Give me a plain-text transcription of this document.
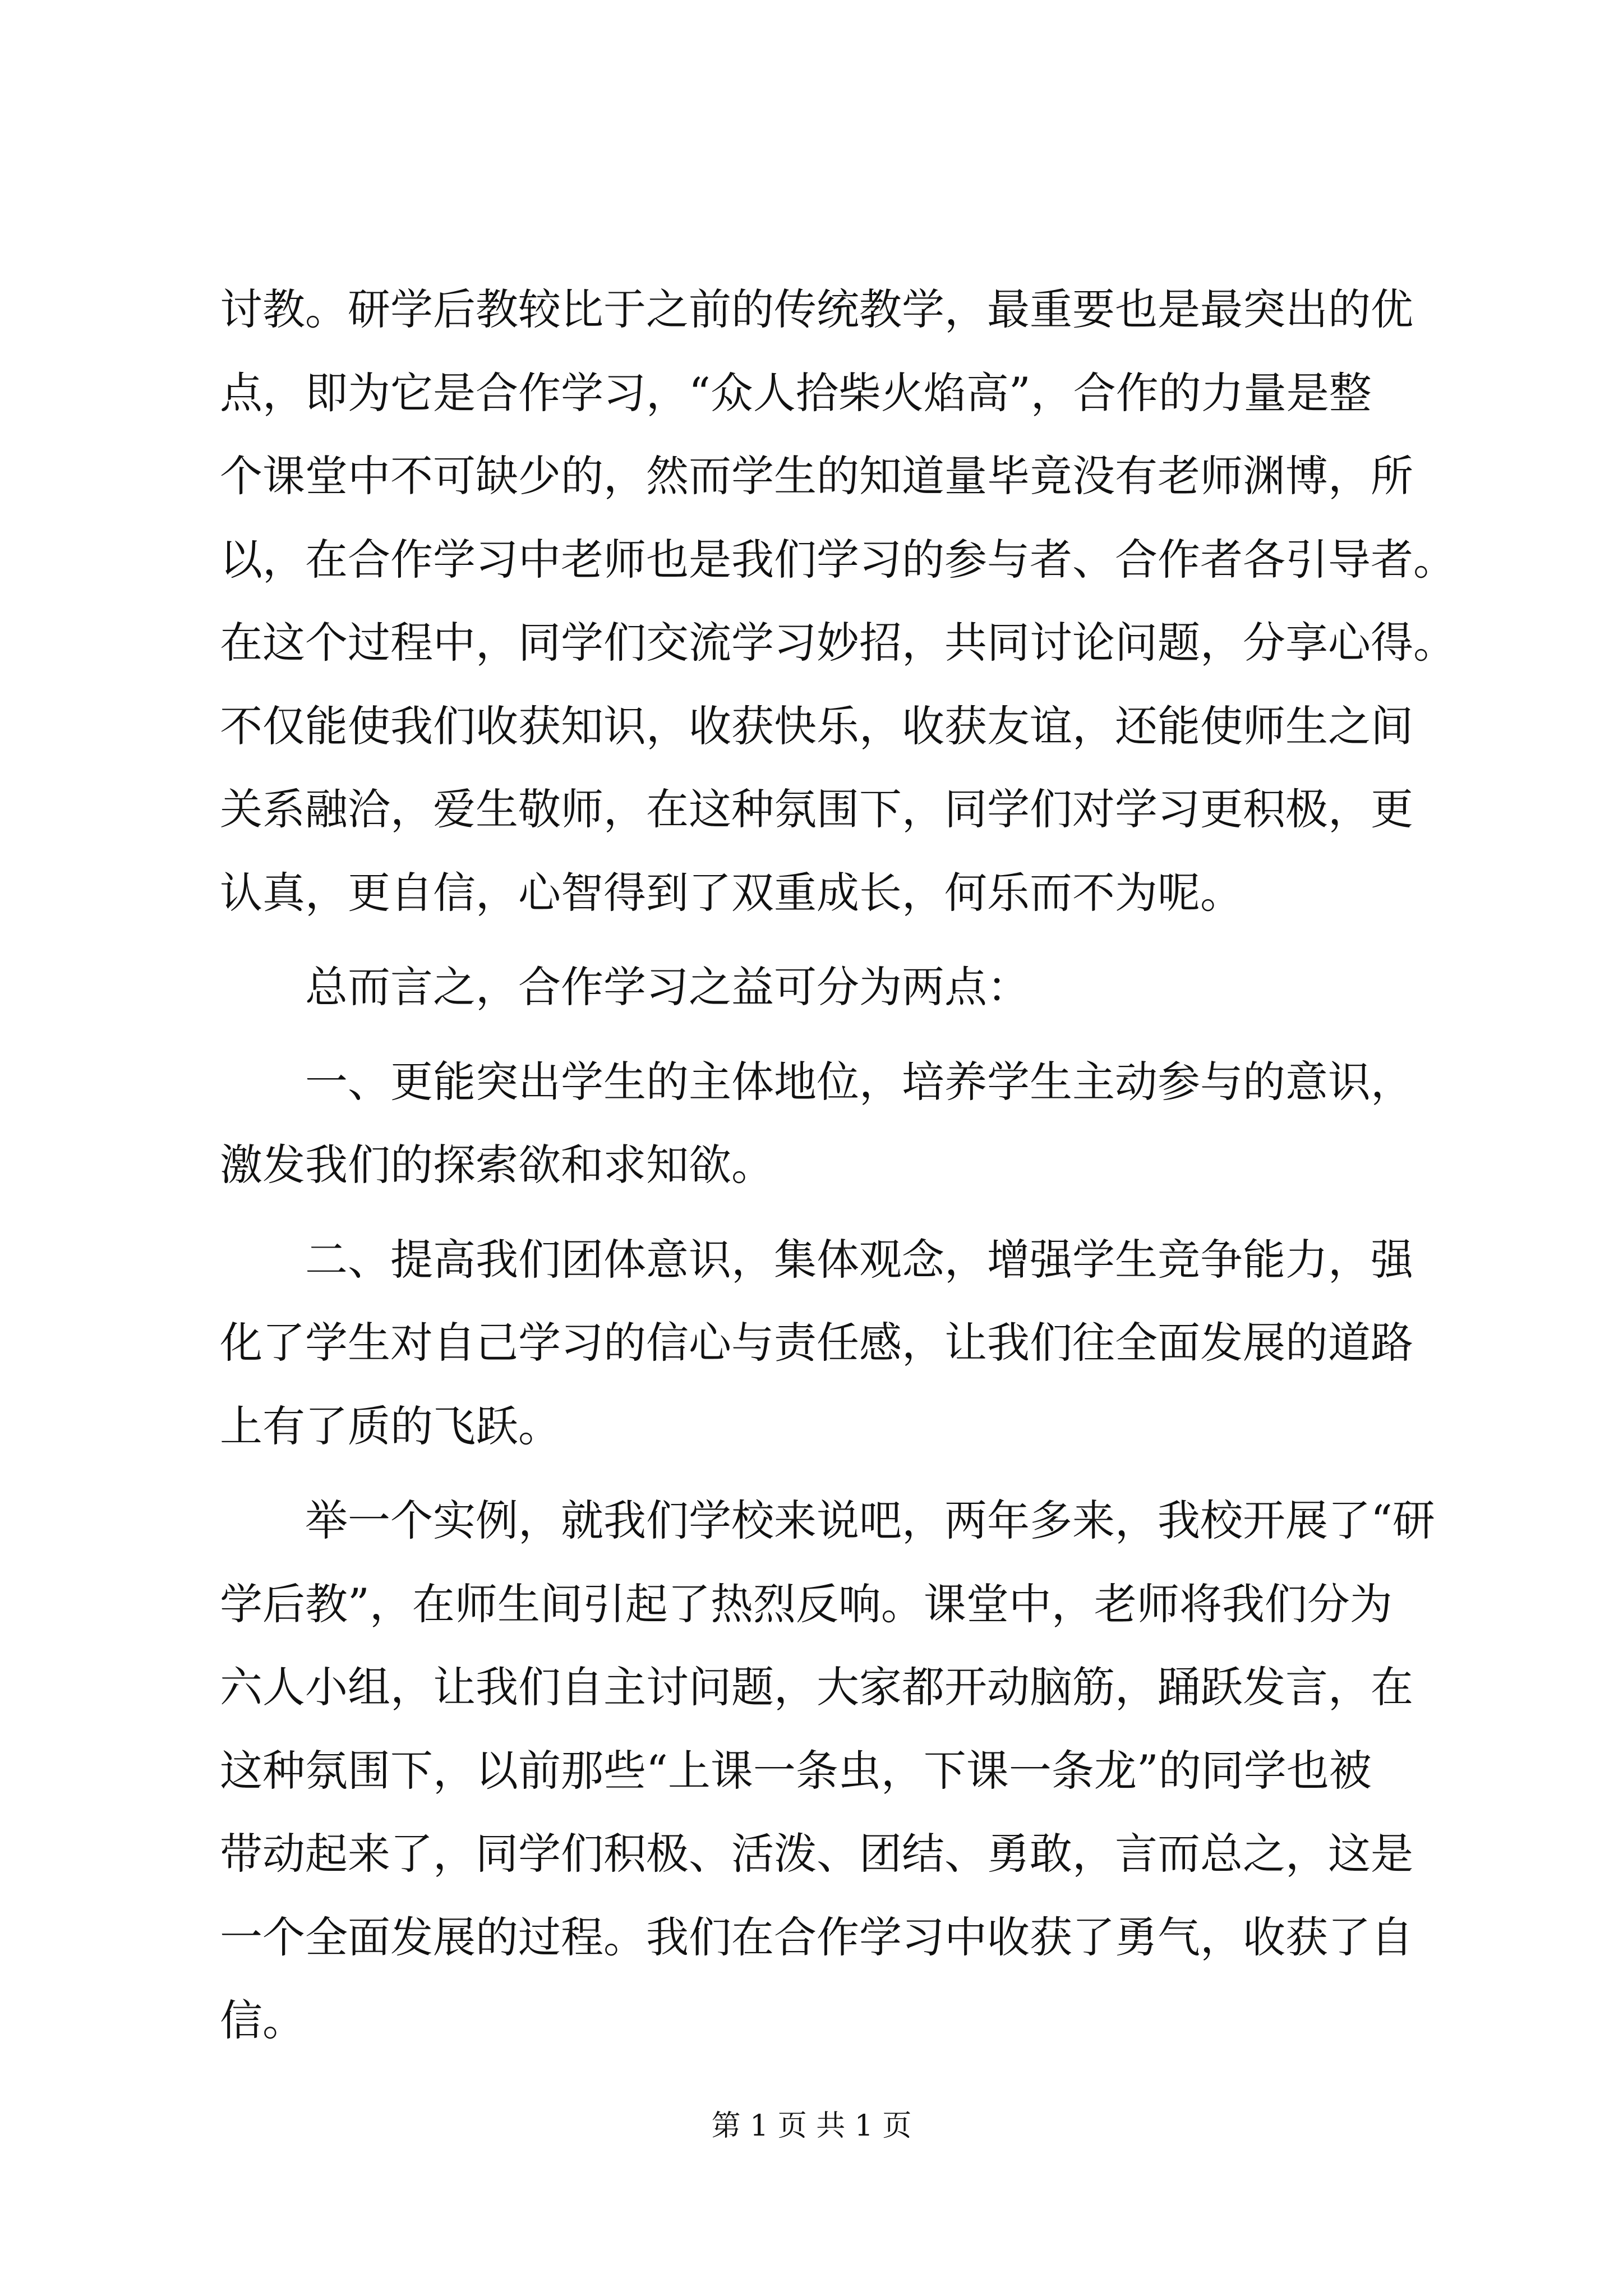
讨教。研学后教较比于之前的传统教学，最重要也是最突出的优
点，即为它是合作学习，“众人拾柴火焰高”，合作的力量是整
个课堂中不可缺少的，然而学生的知道量毕竟没有老师渊博，所
以，在合作学习中老师也是我们学习的参与者、合作者各引导者。
在这个过程中，同学们交流学习妙招，共同讨论问题，分享心得。
不仅能使我们收获知识，收获快乐，收获友谊，还能使师生之间
关系融洽，爱生敬师，在这种氛围下，同学们对学习更积极，更
认真，更自信，心智得到了双重成长，何乐而不为呢。
　　总而言之，合作学习之益可分为两点：
　　一、更能突出学生的主体地位，培养学生主动参与的意识，
激发我们的探索欲和求知欲。
　　二、提高我们团体意识，集体观念，增强学生竞争能力，强
化了学生对自己学习的信心与责任感，让我们往全面发展的道路
上有了质的飞跃。
　　举一个实例，就我们学校来说吧，两年多来，我校开展了“研
学后教”，在师生间引起了热烈反响。课堂中，老师将我们分为
六人小组，让我们自主讨问题，大家都开动脑筋，踊跃发言，在
这种氛围下，以前那些“上课一条虫，下课一条龙”的同学也被
带动起来了，同学们积极、活泼、团结、勇敢，言而总之，这是
一个全面发展的过程。我们在合作学习中收获了勇气，收获了自
信。
第 1 页 共 1 页
